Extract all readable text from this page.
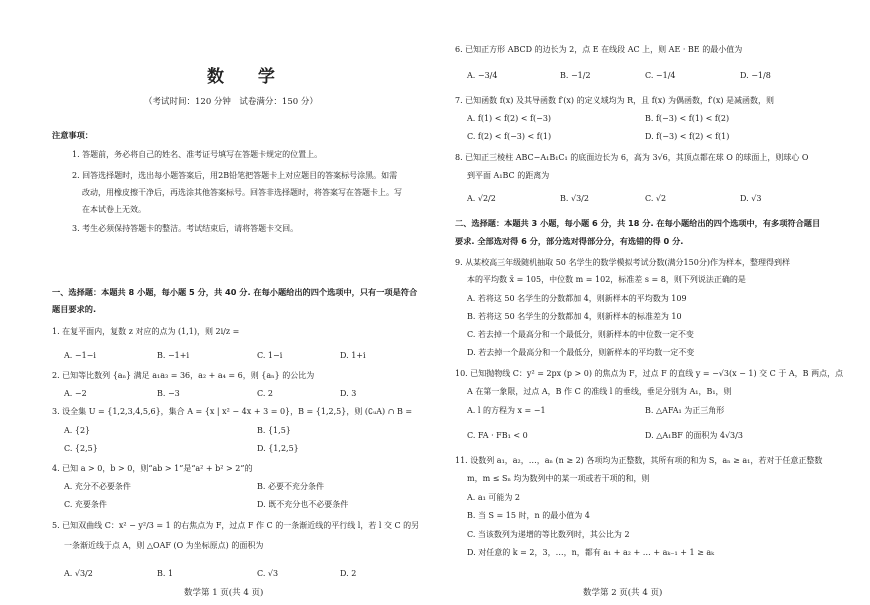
数 学
（考试时间：120 分钟　试卷满分：150 分）
注意事项：
1. 答题前，务必将自己的姓名、准考证号填写在答题卡规定的位置上。
2. 回答选择题时，选出每小题答案后，用2B铅笔把答题卡上对应题目的答案标号涂黑。如需
改动，用橡皮擦干净后，再选涂其他答案标号。回答非选择题时，将答案写在答题卡上。写
在本试卷上无效。
3. 考生必须保持答题卡的整洁。考试结束后，请将答题卡交回。
一、选择题：本题共 8 小题，每小题 5 分，共 40 分. 在每小题给出的四个选项中，只有一项是符合
题目要求的.
1. 在复平面内，复数 z 对应的点为 (1,1)，则 2i/z =
A. −1−i	B. −1+i	C. 1−i	D. 1+i
2. 已知等比数列 {aₙ} 满足 a₁a₃ = 36，a₂ + a₄ = 6，则 {aₙ} 的公比为
A. −2	B. −3	C. 2	D. 3
3. 设全集 U = {1,2,3,4,5,6}，集合 A = {x | x² − 4x + 3 = 0}，B = {1,2,5}，则 (∁ᵤA) ∩ B =
A. {2}	B. {1,5}
C. {2,5}	D. {1,2,5}
4. 已知 a > 0，b > 0，则“ab > 1”是“a² + b² > 2”的
A. 充分不必要条件	B. 必要不充分条件
C. 充要条件	D. 既不充分也不必要条件
5. 已知双曲线 C：x² − y²/3 = 1 的右焦点为 F，过点 F 作 C 的一条渐近线的平行线 l，若 l 交 C 的另
一条渐近线于点 A，则 △OAF (O 为坐标原点) 的面积为
A. √3/2	B. 1	C. √3	D. 2
数学第 1 页(共 4 页)
6. 已知正方形 ABCD 的边长为 2，点 E 在线段 AC 上，则 AE · BE 的最小值为
A. −3/4	B. −1/2	C. −1/4	D. −1/8
7. 已知函数 f(x) 及其导函数 f′(x) 的定义域均为 R，且 f(x) 为偶函数，f′(x) 是减函数，则
A. f(1) < f(2) < f(−3)	B. f(−3) < f(1) < f(2)
C. f(2) < f(−3) < f(1)	D. f(−3) < f(2) < f(1)
8. 已知正三棱柱 ABC−A₁B₁C₁ 的底面边长为 6，高为 3√6，其顶点都在球 O 的球面上，则球心 O
到平面 A₁BC 的距离为
A. √2/2	B. √3/2	C. √2	D. √3
二、选择题：本题共 3 小题，每小题 6 分，共 18 分. 在每小题给出的四个选项中，有多项符合题目
要求. 全部选对得 6 分，部分选对得部分分，有选错的得 0 分.
9. 从某校高三年级随机抽取 50 名学生的数学模拟考试分数(满分150分)作为样本，整理得到样
本的平均数 x̄ = 105，中位数 m = 102，标准差 s = 8，则下列说法正确的是
A. 若将这 50 名学生的分数都加 4，则新样本的平均数为 109
B. 若将这 50 名学生的分数都加 4，则新样本的标准差为 10
C. 若去掉一个最高分和一个最低分，则新样本的中位数一定不变
D. 若去掉一个最高分和一个最低分，则新样本的平均数一定不变
10. 已知抛物线 C：y² = 2px (p > 0) 的焦点为 F，过点 F 的直线 y = −√3(x − 1) 交 C 于 A，B 两点，点
A 在第一象限，过点 A，B 作 C 的准线 l 的垂线，垂足分别为 A₁，B₁，则
A. l 的方程为 x = −1	B. △AFA₁ 为正三角形
C. FA · FB₁ < 0	D. △A₁BF 的面积为 4√3/3
11. 设数列 a₁，a₂，…，aₙ (n ≥ 2) 各项均为正整数，其所有项的和为 S，aₙ ≥ a₁，若对于任意正整数
m，m ≤ Sₙ 均为数列中的某一项或若干项的和，则
A. a₁ 可能为 2
B. 当 S = 15 时，n 的最小值为 4
C. 当该数列为递增的等比数列时，其公比为 2
D. 对任意的 k = 2，3，…，n，都有 a₁ + a₂ + … + aₖ₋₁ + 1 ≥ aₖ
数学第 2 页(共 4 页)
